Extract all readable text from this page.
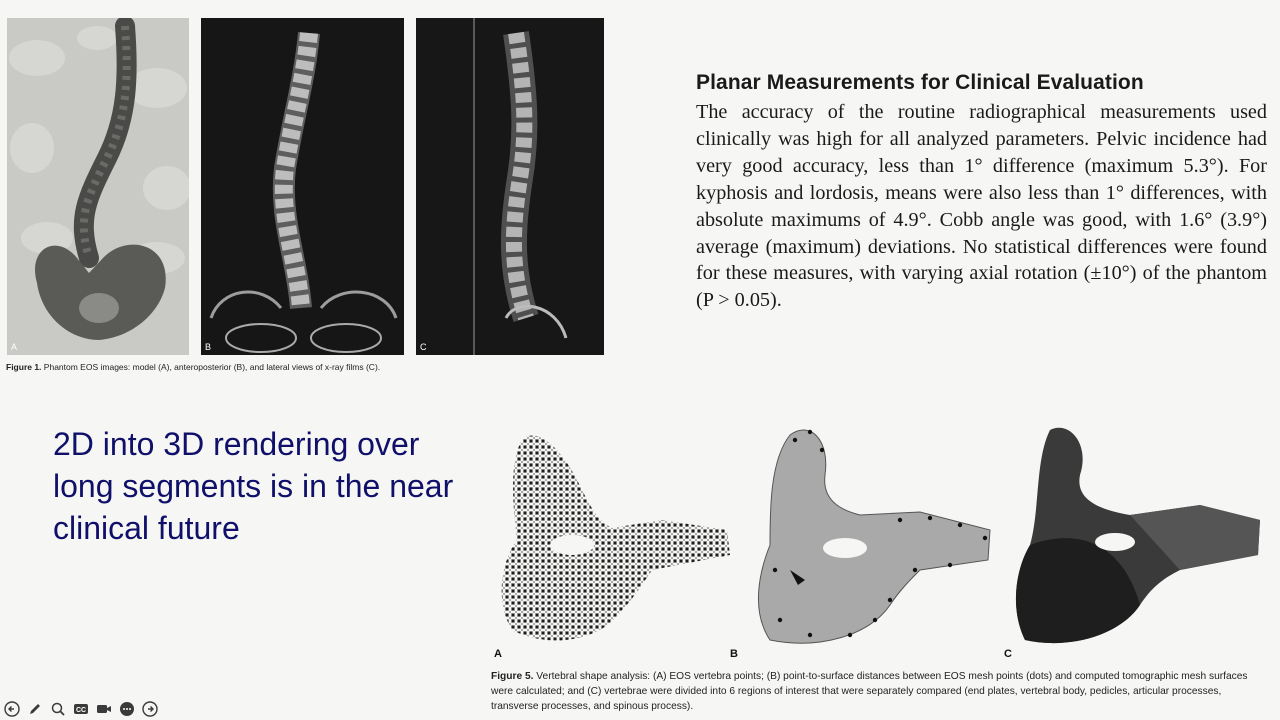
A	B	C
Figure 1. Phantom EOS images: model (A), anteroposterior (B), and lateral views of x-ray films (C).
Planar Measurements for Clinical Evaluation
The accuracy of the routine radiographical measurements used clinically was high for all analyzed parameters. Pelvic incidence had very good accuracy, less than 1° difference (maximum 5.3°). For kyphosis and lordosis, means were also less than 1° differences, with absolute maximums of 4.9°. Cobb angle was good, with 1.6° (3.9°) average (maximum) deviations. No statistical differences were found for these measures, with varying axial rotation (±10°) of the phantom (P > 0.05).
2D into 3D rendering over long segments is in the near clinical future
A	B	C
Figure 5. Vertebral shape analysis: (A) EOS vertebra points; (B) point-to-surface distances between EOS mesh points (dots) and computed tomographic mesh surfaces were calculated; and (C) vertebrae were divided into 6 regions of interest that were separately compared (end plates, vertebral body, pedicles, articular processes, transverse processes, and spinous process).
CC
